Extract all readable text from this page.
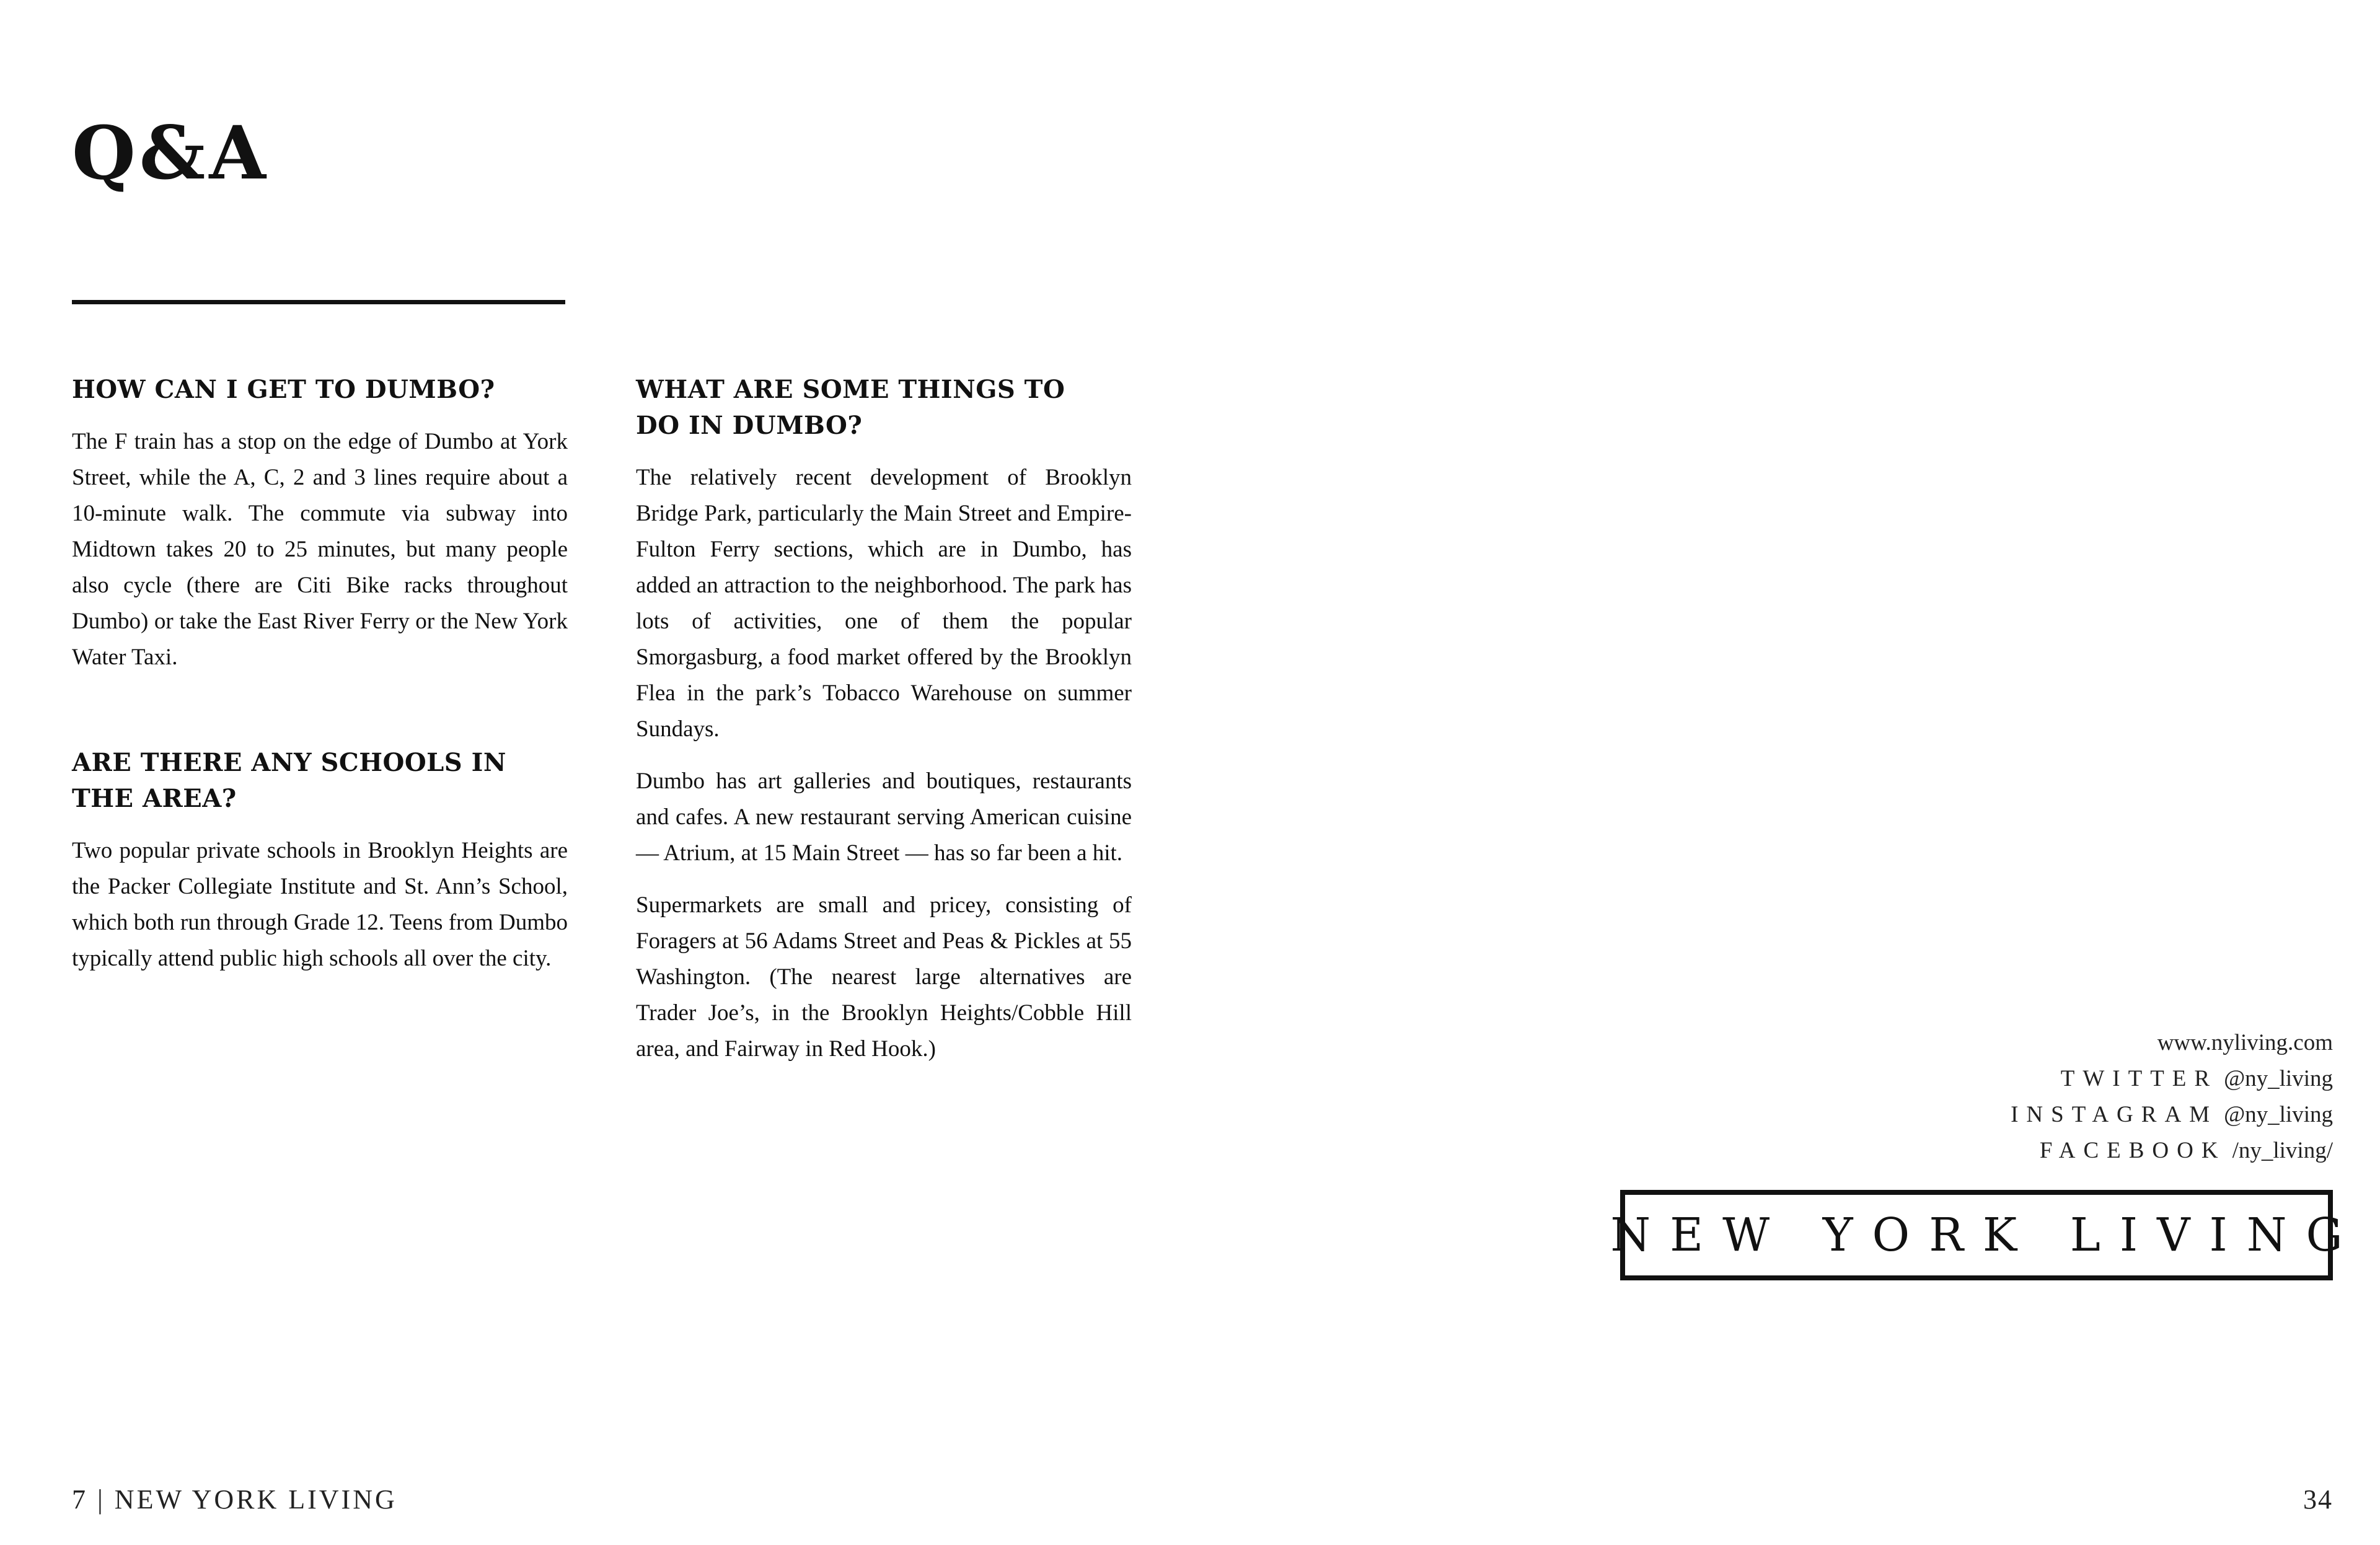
Q&A
HOW CAN I GET TO DUMBO?

The F train has a stop on the edge of Dumbo at York Street, while the A, C, 2 and 3 lines require about a 10-minute walk. The commute via subway into Midtown takes 20 to 25 minutes, but many people also cycle (there are Citi Bike racks throughout Dumbo) or take the East River Ferry or the New York Water Taxi.

ARE THERE ANY SCHOOLS IN THE AREA?

Two popular private schools in Brooklyn Heights are the Packer Collegiate Institute and St. Ann’s School, which both run through Grade 12. Teens from Dumbo typically attend public high schools all over the city.

WHAT ARE SOME THINGS TO DO IN DUMBO?

The relatively recent development of Brooklyn Bridge Park, particularly the Main Street and Empire-Fulton Ferry sections, which are in Dumbo, has added an attraction to the neighborhood. The park has lots of activities, one of them the popular Smorgasburg, a food market offered by the Brooklyn Flea in the park’s Tobacco Warehouse on summer Sundays.

Dumbo has art galleries and boutiques, restaurants and cafes. A new restaurant serving American cuisine — Atrium, at 15 Main Street — has so far been a hit.

Supermarkets are small and pricey, consisting of Foragers at 56 Adams Street and Peas & Pickles at 55 Washington. (The nearest large alternatives are Trader Joe’s, in the Brooklyn Heights/Cobble Hill area, and Fairway in Red Hook.)	www.nyliving.com
TWITTER @ny_living
INSTAGRAM @ny_living
FACEBOOK /ny_living/
NEW YORK LIVING
7 | NEW YORK LIVING	34
